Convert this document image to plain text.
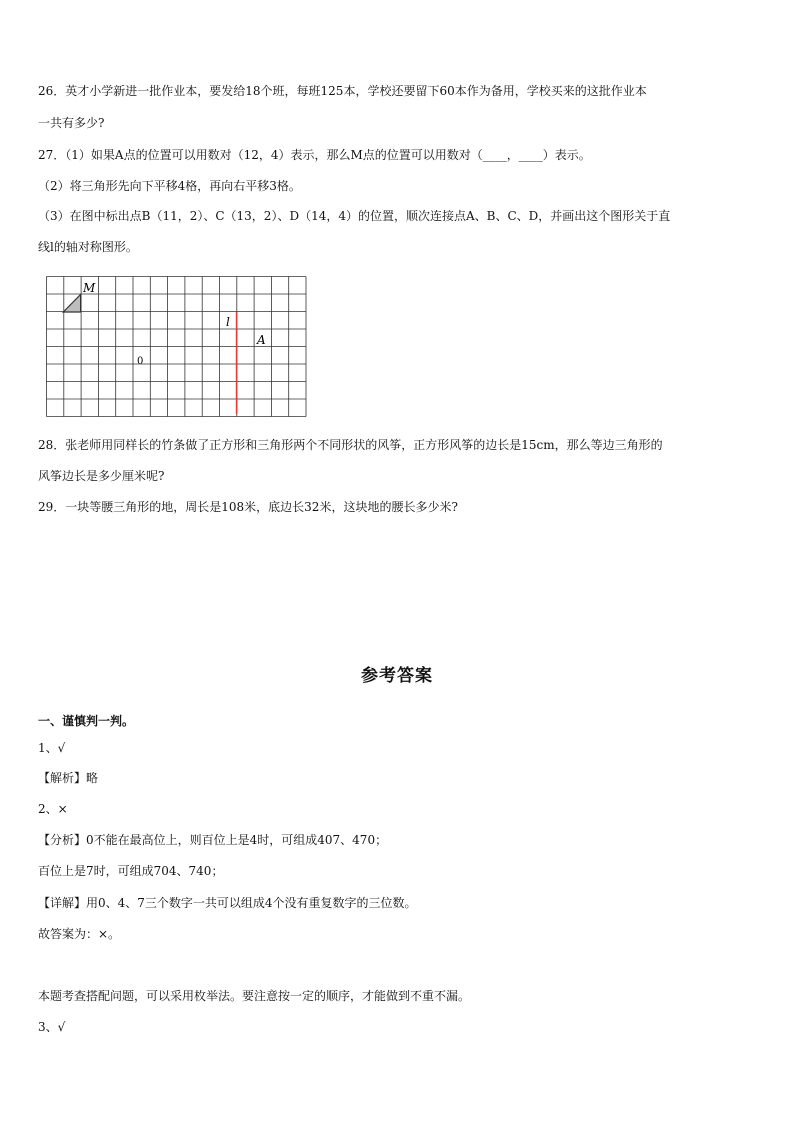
26．英才小学新进一批作业本，要发给18个班，每班125本，学校还要留下60本作为备用，学校买来的这批作业本
一共有多少?
27．（1）如果A点的位置可以用数对（12，4）表示，那么M点的位置可以用数对（____，____）表示。
（2）将三角形先向下平移4格，再向右平移3格。
（3）在图中标出点B（11，2）、C（13，2）、D（14，4）的位置，顺次连接点A、B、C、D，并画出这个图形关于直
线l的轴对称图形。
M
l
A
0
28．张老师用同样长的竹条做了正方形和三角形两个不同形状的风筝，正方形风筝的边长是15cm，那么等边三角形的
风筝边长是多少厘米呢?
29．一块等腰三角形的地，周长是108米，底边长32米，这块地的腰长多少米?
参考答案
一、谨慎判一判。
1、√
【解析】略
2、×
【分析】0不能在最高位上，则百位上是4时，可组成407、470；
百位上是7时，可组成704、740；
【详解】用0、4、7三个数字一共可以组成4个没有重复数字的三位数。
故答案为：×。
本题考查搭配问题，可以采用枚举法。要注意按一定的顺序，才能做到不重不漏。
3、√
